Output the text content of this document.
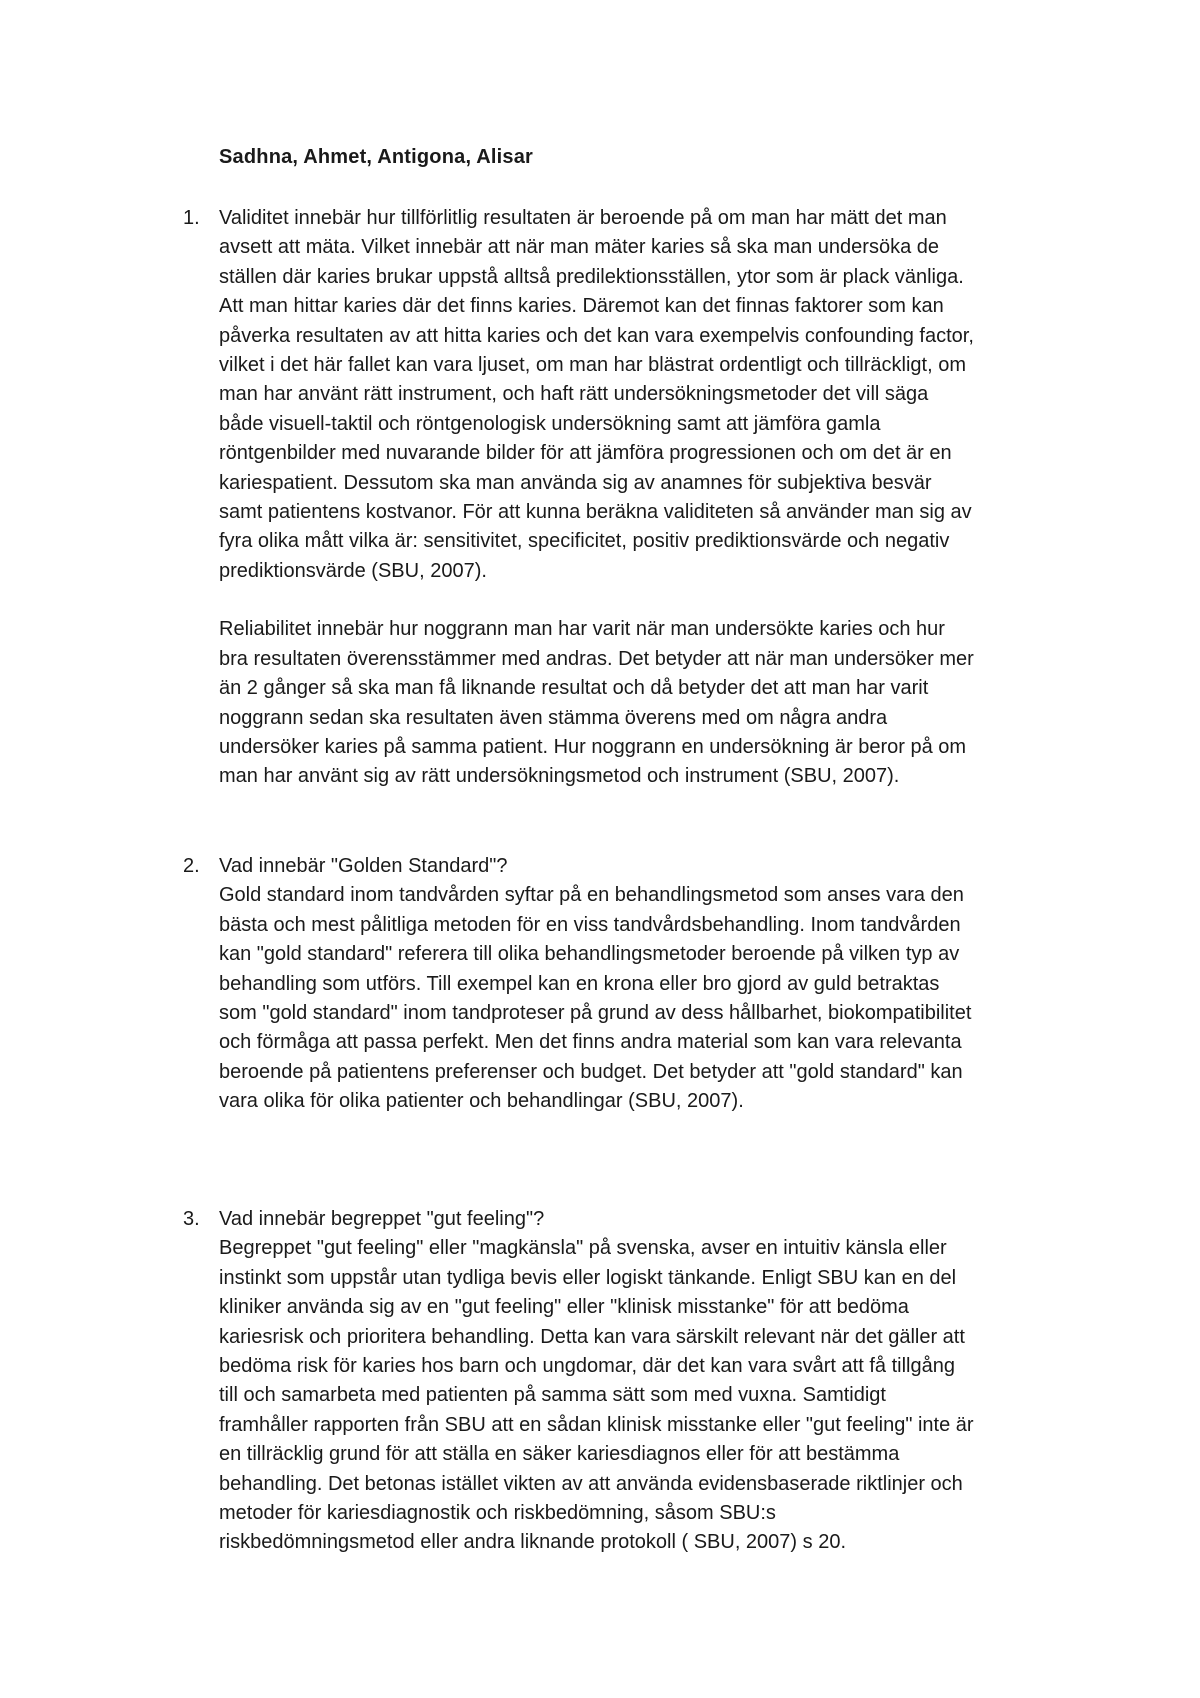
Sadhna, Ahmet, Antigona, Alisar
1. Validitet innebär hur tillförlitlig resultaten är beroende på om man har mätt det man
avsett att mäta. Vilket innebär att när man mäter karies så ska man undersöka de
ställen där karies brukar uppstå alltså predilektionsställen, ytor som är plack vänliga.
Att man hittar karies där det finns karies. Däremot kan det finnas faktorer som kan
påverka resultaten av att hitta karies och det kan vara exempelvis confounding factor,
vilket i det här fallet kan vara ljuset, om man har blästrat ordentligt och tillräckligt, om
man har använt rätt instrument, och haft rätt undersökningsmetoder det vill säga
både visuell-taktil och röntgenologisk undersökning samt att jämföra gamla
röntgenbilder med nuvarande bilder för att jämföra progressionen och om det är en
kariespatient. Dessutom ska man använda sig av anamnes för subjektiva besvär
samt patientens kostvanor. För att kunna beräkna validiteten så använder man sig av
fyra olika mått vilka är: sensitivitet, specificitet, positiv prediktionsvärde och negativ
prediktionsvärde (SBU, 2007).
Reliabilitet innebär hur noggrann man har varit när man undersökte karies och hur
bra resultaten överensstämmer med andras. Det betyder att när man undersöker mer
än 2 gånger så ska man få liknande resultat och då betyder det att man har varit
noggrann sedan ska resultaten även stämma överens med om några andra
undersöker karies på samma patient. Hur noggrann en undersökning är beror på om
man har använt sig av rätt undersökningsmetod och instrument (SBU, 2007).
2. Vad innebär "Golden Standard"?
Gold standard inom tandvården syftar på en behandlingsmetod som anses vara den
bästa och mest pålitliga metoden för en viss tandvårdsbehandling. Inom tandvården
kan "gold standard" referera till olika behandlingsmetoder beroende på vilken typ av
behandling som utförs. Till exempel kan en krona eller bro gjord av guld betraktas
som "gold standard" inom tandproteser på grund av dess hållbarhet, biokompatibilitet
och förmåga att passa perfekt. Men det finns andra material som kan vara relevanta
beroende på patientens preferenser och budget. Det betyder att "gold standard" kan
vara olika för olika patienter och behandlingar (SBU, 2007).
3. Vad innebär begreppet "gut feeling"?
Begreppet "gut feeling" eller "magkänsla" på svenska, avser en intuitiv känsla eller
instinkt som uppstår utan tydliga bevis eller logiskt tänkande. Enligt SBU kan en del
kliniker använda sig av en "gut feeling" eller "klinisk misstanke" för att bedöma
kariesrisk och prioritera behandling. Detta kan vara särskilt relevant när det gäller att
bedöma risk för karies hos barn och ungdomar, där det kan vara svårt att få tillgång
till och samarbeta med patienten på samma sätt som med vuxna. Samtidigt
framhåller rapporten från SBU att en sådan klinisk misstanke eller "gut feeling" inte är
en tillräcklig grund för att ställa en säker kariesdiagnos eller för att bestämma
behandling. Det betonas istället vikten av att använda evidensbaserade riktlinjer och
metoder för kariesdiagnostik och riskbedömning, såsom SBU:s
riskbedömningsmetod eller andra liknande protokoll ( SBU, 2007) s 20.
